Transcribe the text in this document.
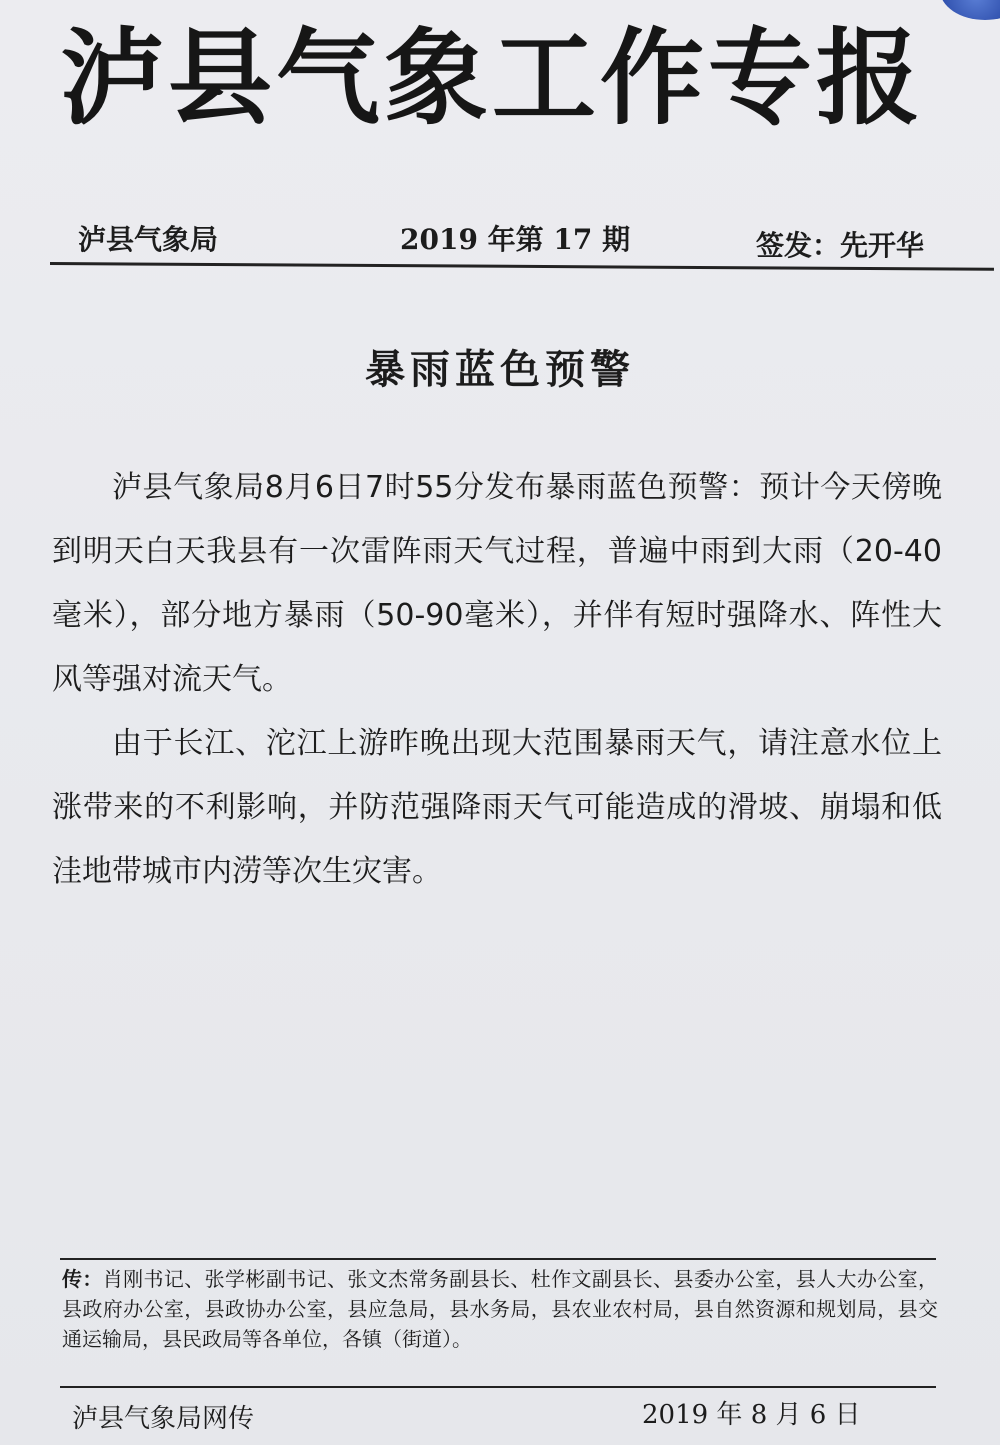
泸县气象工作专报
泸县气象局	2019 年第 17 期	签发：先开华
暴雨蓝色预警

泸县气象局8月6日7时55分发布暴雨蓝色预警：预计今天傍晚到明天白天我县有一次雷阵雨天气过程，普遍中雨到大雨（20-40毫米），部分地方暴雨（50-90毫米），并伴有短时强降水、阵性大风等强对流天气。

由于长江、沱江上游昨晚出现大范围暴雨天气，请注意水位上涨带来的不利影响，并防范强降雨天气可能造成的滑坡、崩塌和低洼地带城市内涝等次生灾害。

传：肖刚书记、张学彬副书记、张文杰常务副县长、杜作文副县长、县委办公室，县人大办公室，县政府办公室，县政协办公室，县应急局，县水务局，县农业农村局，县自然资源和规划局，县交通运输局，县民政局等各单位，各镇（街道）。
泸县气象局网传	2019 年 8 月 6 日
